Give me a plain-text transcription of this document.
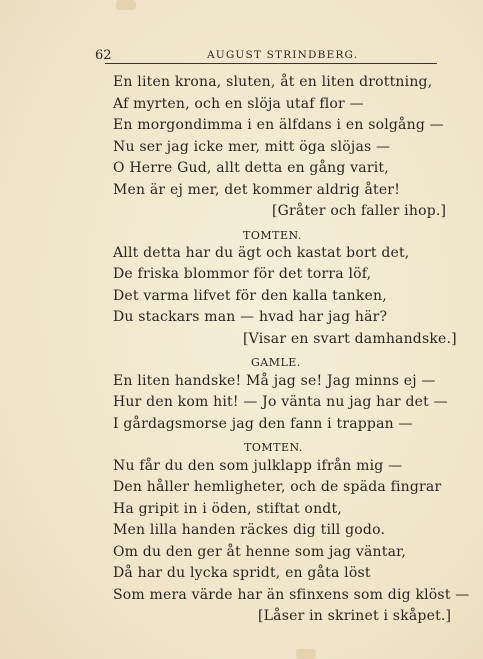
62	AUGUST STRINDBERG.
En liten krona, sluten, åt en liten drottning,
Af myrten, och en slöja utaf flor —
En morgondimma i en älfdans i en solgång —
Nu ser jag icke mer, mitt öga slöjas —
O Herre Gud, allt detta en gång varit,
Men är ej mer, det kommer aldrig åter!
[Gråter och faller ihop.]
TOMTEN.
Allt detta har du ägt och kastat bort det,
De friska blommor för det torra löf,
Det varma lifvet för den kalla tanken,
Du stackars man — hvad har jag här?
[Visar en svart damhandske.]
GAMLE.
En liten handske! Må jag se! Jag minns ej —
Hur den kom hit! — Jo vänta nu jag har det —
I gårdagsmorse jag den fann i trappan —
TOMTEN.
Nu får du den som julklapp ifrån mig —
Den håller hemligheter, och de späda fingrar
Ha gripit in i öden, stiftat ondt,
Men lilla handen räckes dig till godo.
Om du den ger åt henne som jag väntar,
Då har du lycka spridt, en gåta löst
Som mera värde har än sfinxens som dig klöst —
[Låser in skrinet i skåpet.]
